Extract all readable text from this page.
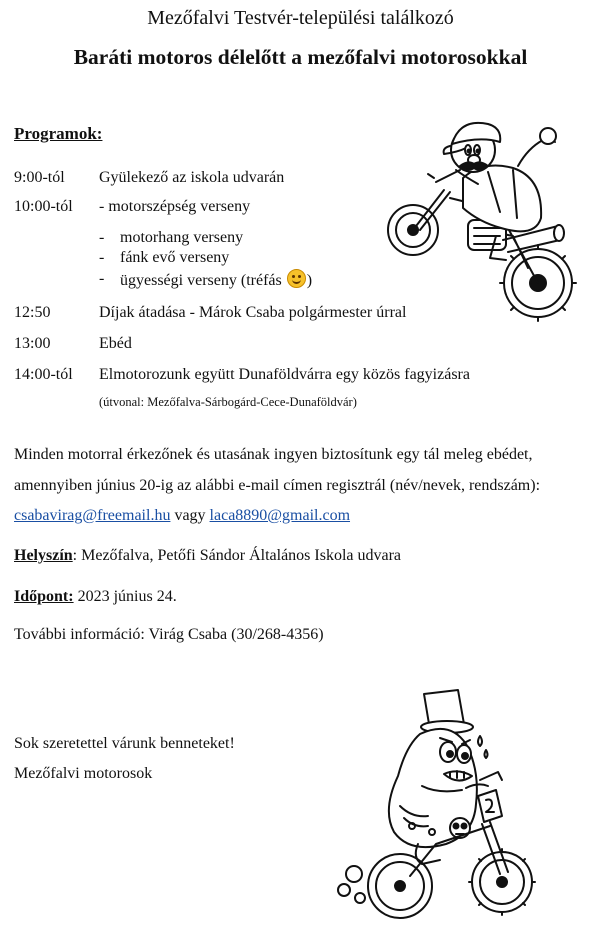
Mezőfalvi Testvér-települési találkozó
Baráti motoros délelőtt a mezőfalvi motorosokkal
Programok:
9:00-tól Gyülekező az iskola udvarán
10:00-tól - motorszépség verseny
- motorhang verseny
- fánk evő verseny
- ügyességi verseny (tréfás )
12:50	Díjak átadása - Márok Csaba polgármester úrral
13:00	Ebéd
14:00-tól Elmotorozunk együtt Dunaföldvárra egy közös fagyizásra
(útvonal: Mezőfalva-Sárbogárd-Cece-Dunaföldvár)
Minden motorral érkezőnek és utasának ingyen biztosítunk egy tál meleg ebédet,
amennyiben június 20-ig az alábbi e-mail címen regisztrál (név/nevek, rendszám):
csabavirag@freemail.hu vagy laca8890@gmail.com
Helyszín: Mezőfalva, Petőfi Sándor Általános Iskola udvara
Időpont: 2023 június 24.
További információ: Virág Csaba (30/268-4356)
Sok szeretettel várunk benneteket!
Mezőfalvi motorosok
